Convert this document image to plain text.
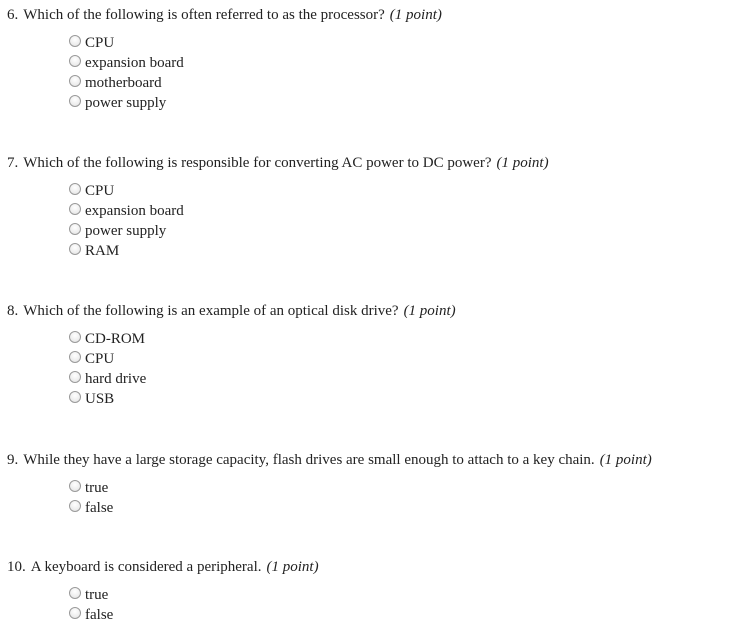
6. Which of the following is often referred to as the processor? (1 point)
CPU
expansion board
motherboard
power supply
7. Which of the following is responsible for converting AC power to DC power? (1 point)
CPU
expansion board
power supply
RAM
8. Which of the following is an example of an optical disk drive? (1 point)
CD-ROM
CPU
hard drive
USB
9. While they have a large storage capacity, flash drives are small enough to attach to a key chain. (1 point)
true
false
10. A keyboard is considered a peripheral. (1 point)
true
false
